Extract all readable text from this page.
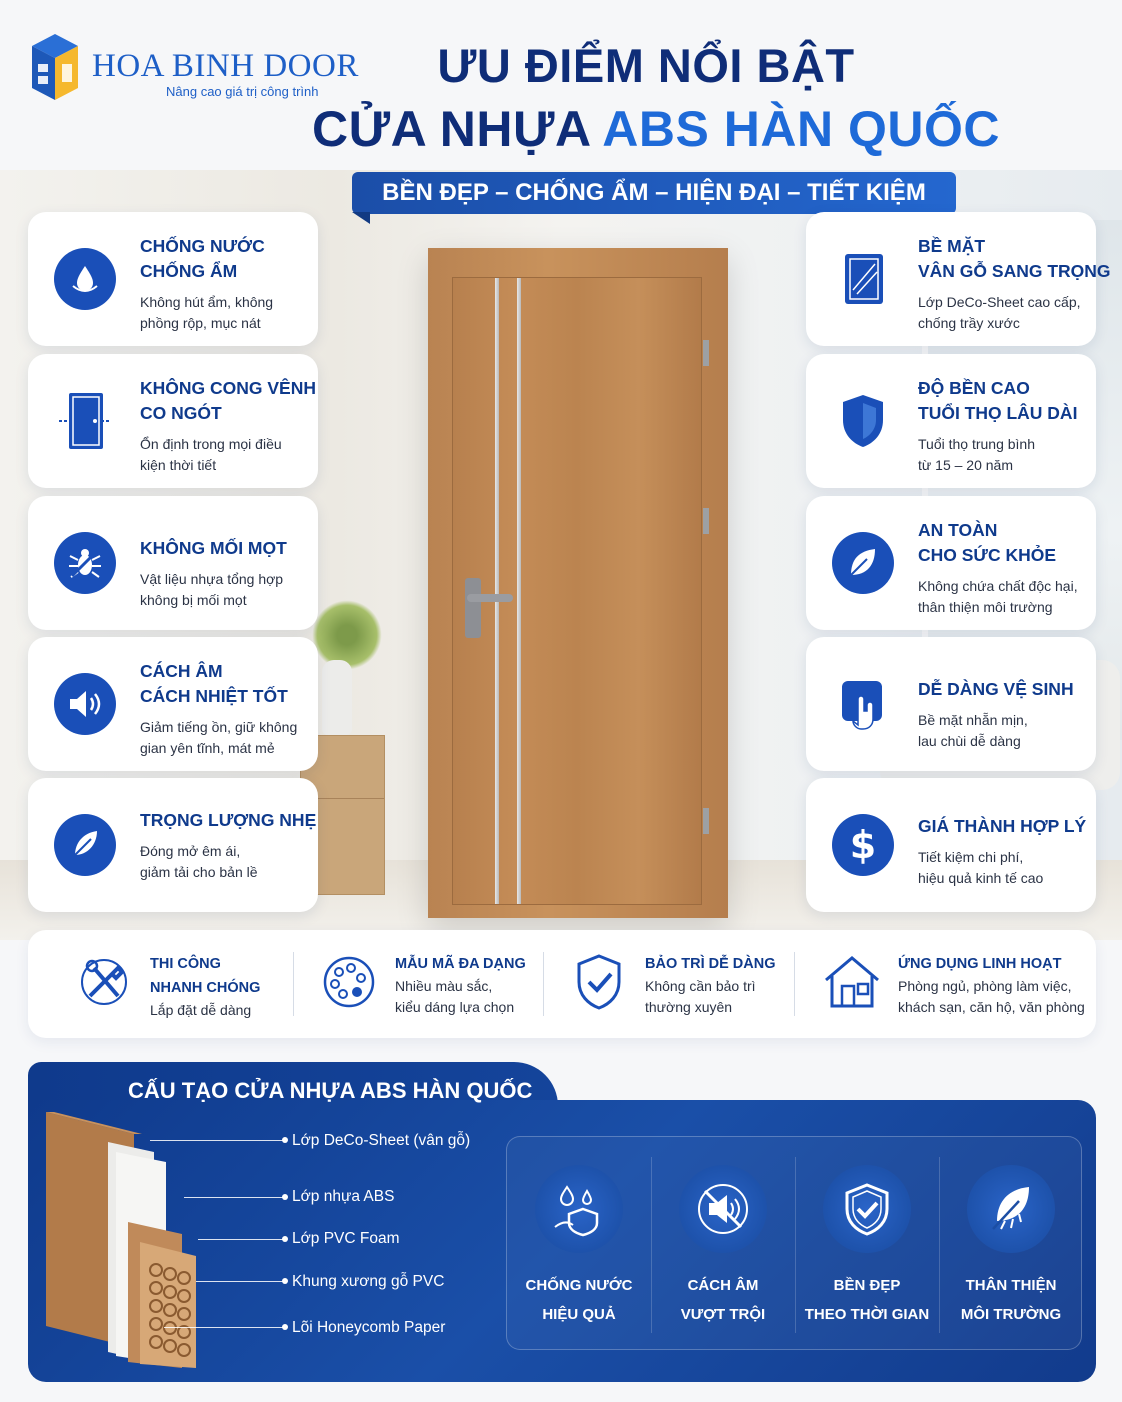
HOA BINH DOOR
Nâng cao giá trị công trình	ƯU ĐIỂM NỔI BẬT
CỬA NHỰA ABS HÀN QUỐC
BỀN ĐẸP – CHỐNG ẨM – HIỆN ĐẠI – TIẾT KIỆM
CHỐNG NƯỚC
CHỐNG ẨM
Không hút ẩm, không
phồng rộp, mục nát
KHÔNG CONG VÊNH
CO NGÓT
Ổn định trong mọi điều
kiện thời tiết
KHÔNG MỐI MỌT
Vật liệu nhựa tổng hợp
không bị mối mọt
CÁCH ÂM
CÁCH NHIỆT TỐT
Giảm tiếng ồn, giữ không
gian yên tĩnh, mát mẻ
TRỌNG LƯỢNG NHẸ
Đóng mở êm ái,
giảm tải cho bản lề
BỀ MẶT
VÂN GỖ SANG TRỌNG
Lớp DeCo-Sheet cao cấp,
chống trầy xước
ĐỘ BỀN CAO
TUỔI THỌ LÂU DÀI
Tuổi thọ trung bình
từ 15 – 20 năm
AN TOÀN
CHO SỨC KHỎE
Không chứa chất độc hại,
thân thiện môi trường
DỄ DÀNG VỆ SINH
Bề mặt nhẵn mịn,
lau chùi dễ dàng
$ GIÁ THÀNH HỢP LÝ
Tiết kiệm chi phí,
hiệu quả kinh tế cao
THI CÔNG
NHANH CHÓNG
Lắp đặt dễ dàng
MẪU MÃ ĐA DẠNG
Nhiều màu sắc,
kiểu dáng lựa chọn
BẢO TRÌ DỄ DÀNG
Không cần bảo trì
thường xuyên
ỨNG DỤNG LINH HOẠT
Phòng ngủ, phòng làm việc,
khách sạn, căn hộ, văn phòng
CẤU TẠO CỬA NHỰA ABS HÀN QUỐC
Lớp DeCo-Sheet (vân gỗ)
Lớp nhựa ABS
Lớp PVC Foam
Khung xương gỗ PVC
Lõi Honeycomb Paper
CHỐNG NƯỚC
HIỆU QUẢ
CÁCH ÂM
VƯỢT TRỘI
BỀN ĐẸP
THEO THỜI GIAN
THÂN THIỆN
MÔI TRƯỜNG
